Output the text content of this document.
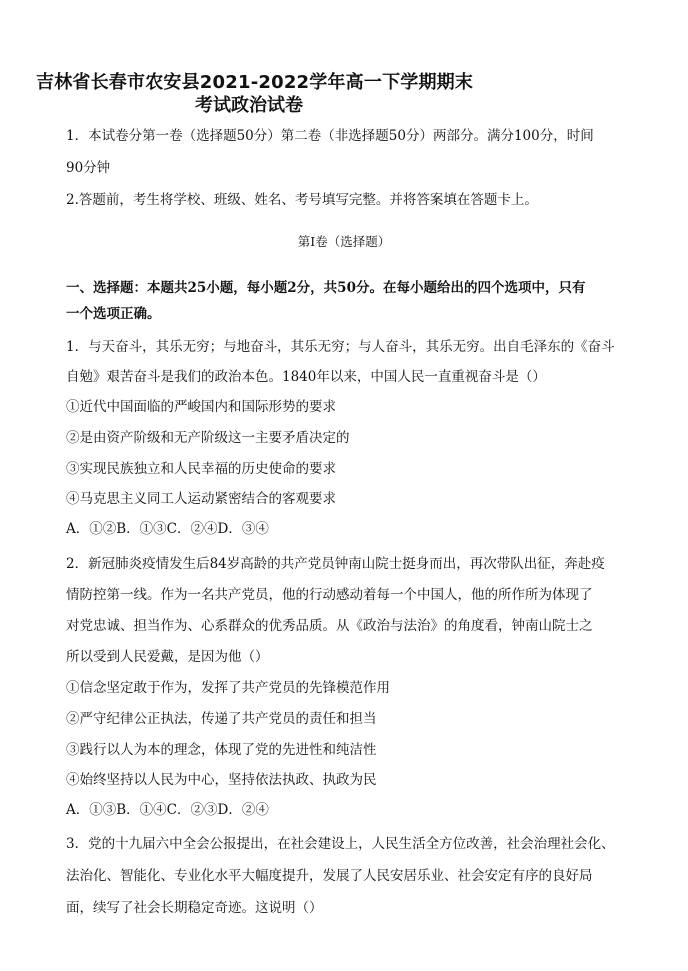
吉林省长春市农安县2021-2022学年高一下学期期末
考试政治试卷
1．本试卷分第一卷（选择题50分）第二卷（非选择题50分）两部分。满分100分，时间
90分钟
2.答题前，考生将学校、班级、姓名、考号填写完整。并将答案填在答题卡上。
第Ⅰ卷（选择题）
一、选择题：本题共25小题，每小题2分，共50分。在每小题给出的四个选项中，只有
一个选项正确。
1．与天奋斗，其乐无穷；与地奋斗，其乐无穷；与人奋斗，其乐无穷。出自毛泽东的《奋斗
自勉》艰苦奋斗是我们的政治本色。1840年以来，中国人民一直重视奋斗是（）
①近代中国面临的严峻国内和国际形势的要求
②是由资产阶级和无产阶级这一主要矛盾决定的
③实现民族独立和人民幸福的历史使命的要求
④马克思主义同工人运动紧密结合的客观要求
A．①②B．①③C．②④D．③④
2．新冠肺炎疫情发生后84岁高龄的共产党员钟南山院士挺身而出，再次带队出征，奔赴疫
情防控第一线。作为一名共产党员，他的行动感动着每一个中国人，他的所作所为体现了
对党忠诚、担当作为、心系群众的优秀品质。从《政治与法治》的角度看，钟南山院士之
所以受到人民爱戴，是因为他（）
①信念坚定敢于作为，发挥了共产党员的先锋模范作用
②严守纪律公正执法，传递了共产党员的责任和担当
③践行以人为本的理念，体现了党的先进性和纯洁性
④始终坚持以人民为中心，坚持依法执政、执政为民
A．①③B．①④C．②③D．②④
3．党的十九届六中全会公报提出，在社会建设上，人民生活全方位改善，社会治理社会化、
法治化、智能化、专业化水平大幅度提升，发展了人民安居乐业、社会安定有序的良好局
面，续写了社会长期稳定奇迹。这说明（）
